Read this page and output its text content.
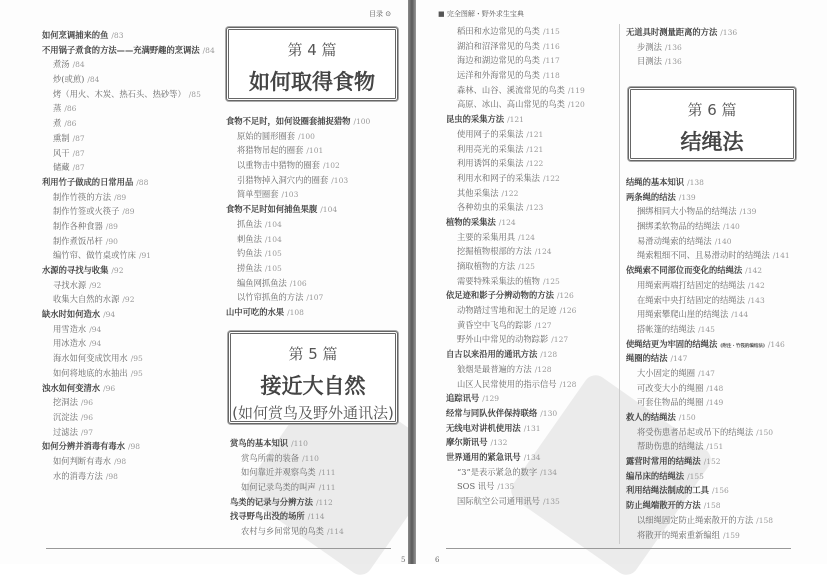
目录 ⊙
如何烹调捕来的鱼 /83
不用锅子煮食的方法——充满野趣的烹调法 /84
煮汤 /84
炒(或煎) /84
烤（用火、木炭、热石头、热砂等） /85
蒸 /86
煮 /86
熏制 /87
风干 /87
储藏 /87
利用竹子做成的日常用品 /88
制作竹筷的方法 /89
制作竹签或火筷子 /89
制作各种食器 /89
制作煮饭吊杆 /90
编竹帘、做竹桌或竹床 /91
水源的寻找与收集 /92
寻找水源 /92
收集大自然的水源 /92
缺水时如何造水 /94
用雪造水 /94
用冰造水 /94
海水如何变成饮用水 /95
如何将地底的水抽出 /95
浊水如何变清水 /96
挖洞法 /96
沉淀法 /96
过滤法 /97
如何分辨并消毒有毒水 /98
如何判断有毒水 /98
水的消毒方法 /98
第 4 篇
如何取得食物
食物不足时，如何设圈套捕捉猎物 /100
原始的圆形圈套 /100
将猎物吊起的圈套 /101
以重物击中猎物的圈套 /102
引猎物掉入洞穴内的圈套 /103
简单型圈套 /103
食物不足时如何捕鱼果腹 /104
抓鱼法 /104
刺鱼法 /104
钓鱼法 /105
捞鱼法 /105
编鱼网抓鱼法 /106
以竹帘抓鱼的方法 /107
山中可吃的水果 /108
第 5 篇
接近大自然
(如何赏鸟及野外通讯法)
赏鸟的基本知识 /110
赏鸟所需的装备 /110
如何靠近并观察鸟类 /111
如何记录鸟类的叫声 /111
鸟类的记录与分辨方法 /112
找寻野鸟出没的场所 /114
农村与乡间常见的鸟类 /114
5
■ 完全图解・野外求生宝典
稻田和水边常见的鸟类 /115
湖泊和沼泽常见的鸟类 /116
海边和湖边常见的鸟类 /117
远洋和外海常见的鸟类 /118
森林、山谷、溪流常见的鸟类 /119
高原、冰山、高山常见的鸟类 /120
昆虫的采集方法 /121
使用网子的采集法 /121
利用亮光的采集法 /121
利用诱饵的采集法 /122
利用水和网子的采集法 /122
其他采集法 /122
各种幼虫的采集法 /123
植物的采集法 /124
主要的采集用具 /124
挖掘植物根部的方法 /124
摘取植物的方法 /125
需要特殊采集法的植物 /125
依足迹和影子分辨动物的方法 /126
动物踏过雪地和泥土的足迹 /126
黄昏空中飞鸟的踪影 /127
野外山中常见的动物踪影 /127
自古以来沿用的通讯方法 /128
狼烟是最普遍的方法 /128
山区人民常使用的指示信号 /128
追踪讯号 /129
经常与同队伙伴保持联络 /130
无线电对讲机使用法 /131
摩尔斯讯号 /132
世界通用的紧急讯号 /134
“3”是表示紧急的数字 /134
SOS 讯号 /135
国际航空公司通用讯号 /135
无道具时测量距离的方法 /136
步测法 /136
目测法 /136
第 6 篇
结绳法
结绳的基本知识 /138
两条绳的结法 /139
捆绑相同大小物品的结绳法 /139
捆绑柔软物品的结绳法 /140
易滑动绳索的结绳法 /140
绳索粗细不同、且易滑动时的结绳法 /141
依绳索不同部位而变化的结绳法 /142
用绳索两端打结固定的结绳法 /142
在绳索中央打结固定的结绳法 /143
用绳索攀爬山崖的结绳法 /144
搭帐篷的结绳法 /145
使绳结更为牢固的结绳法 (附注・竹筏的编结法) /146
绳圈的结法 /147
大小固定的绳圈 /147
可改变大小的绳圈 /148
可套住物品的绳圈 /149
救人的结绳法 /150
将受伤患者吊起或吊下的结绳法 /150
帮助伤患的结绳法 /151
露营时常用的结绳法 /152
编吊床的结绳法 /155
利用结绳法制成的工具 /156
防止绳端散开的方法 /158
以细绳固定防止绳索散开的方法 /158
将散开的绳索重新编组 /159
6
